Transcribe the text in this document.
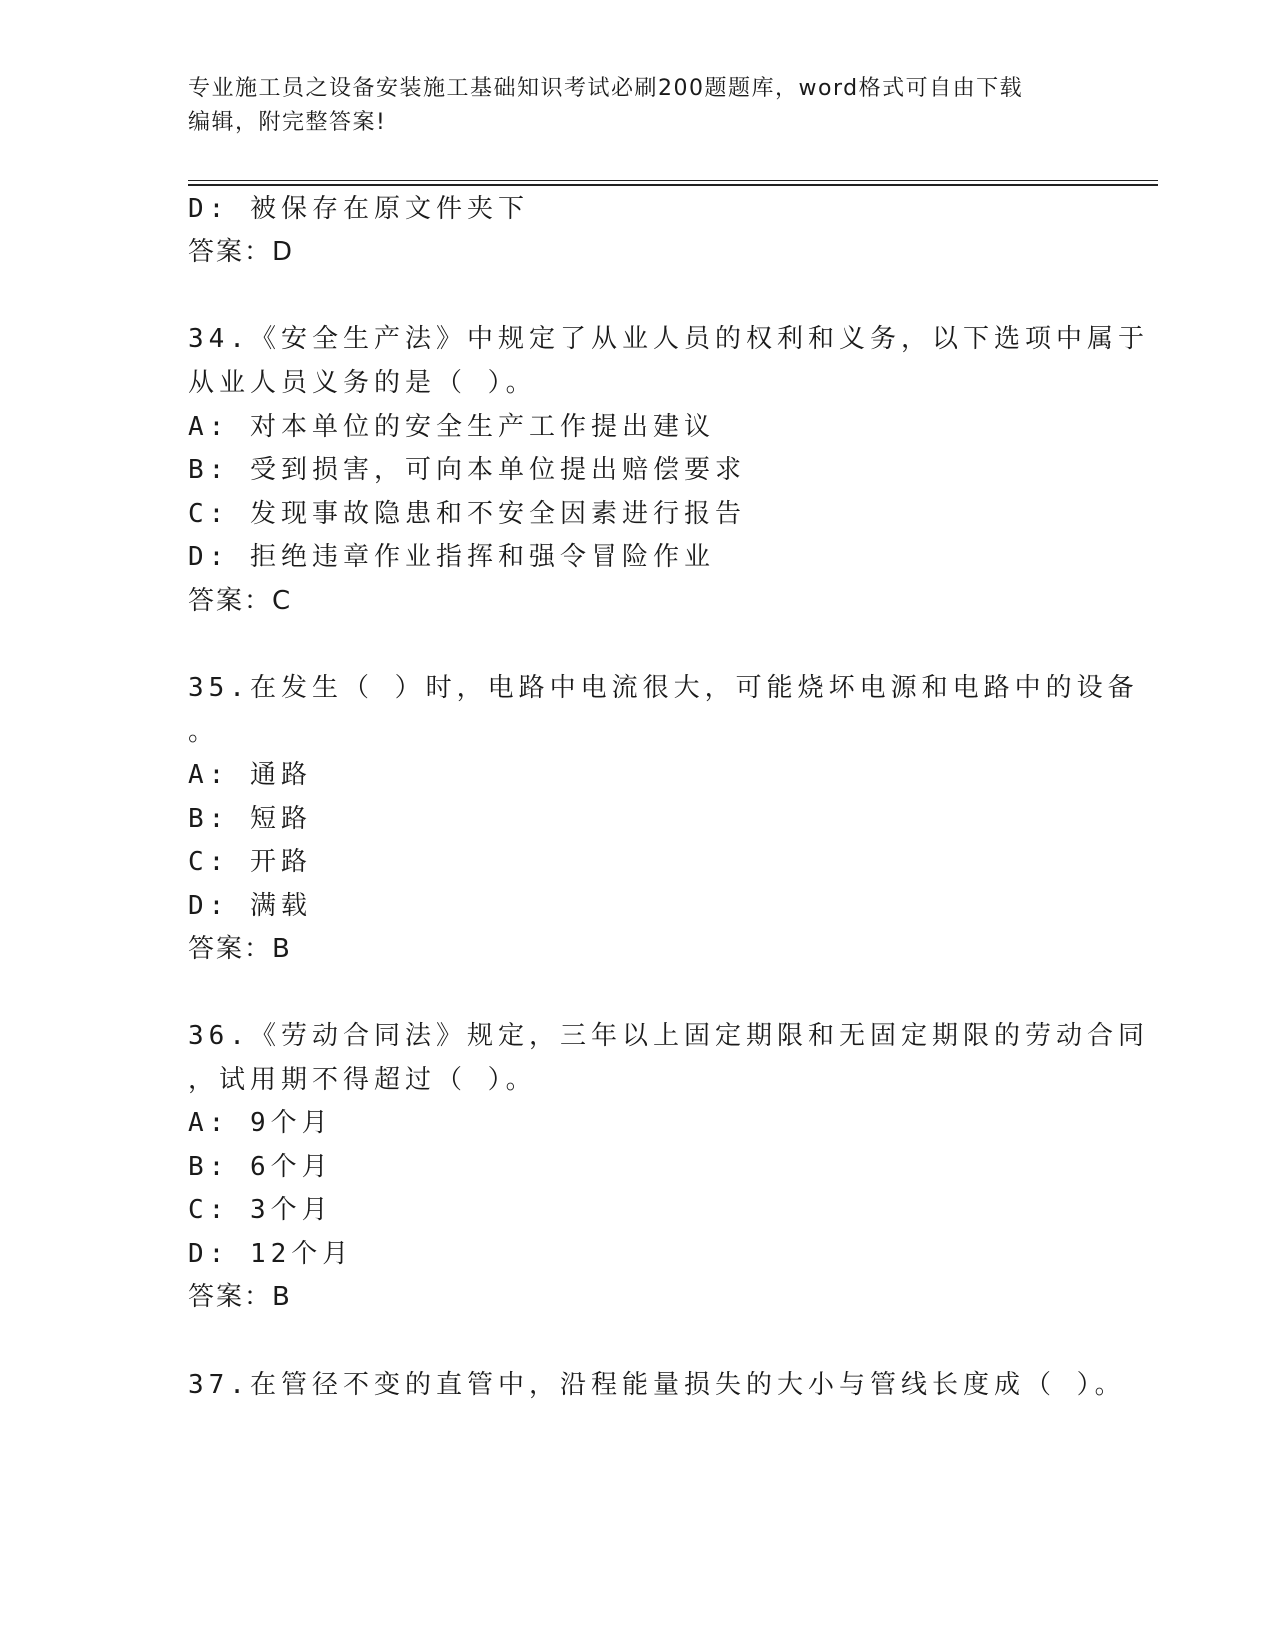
专业施工员之设备安装施工基础知识考试必刷200题题库，word格式可自由下载
编辑，附完整答案!
D: 被保存在原文件夹下
答案：D
34.《安全生产法》中规定了从业人员的权利和义务，以下选项中属于
从业人员义务的是（ ）。
A: 对本单位的安全生产工作提出建议
B: 受到损害，可向本单位提出赔偿要求
C: 发现事故隐患和不安全因素进行报告
D: 拒绝违章作业指挥和强令冒险作业
答案：C
35.在发生（ ）时，电路中电流很大，可能烧坏电源和电路中的设备
。
A: 通路
B: 短路
C: 开路
D: 满载
答案：B
36.《劳动合同法》规定，三年以上固定期限和无固定期限的劳动合同
，试用期不得超过（ ）。
A: 9个月
B: 6个月
C: 3个月
D: 12个月
答案：B
37.在管径不变的直管中，沿程能量损失的大小与管线长度成（ ）。
